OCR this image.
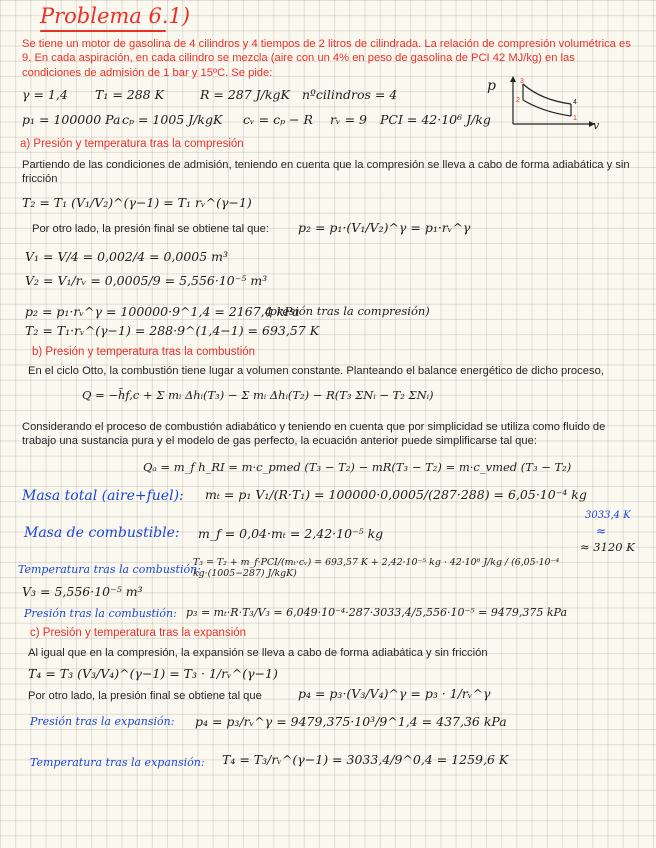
Problema 6.1)
Se tiene un motor de gasolina de 4 cilindros y 4 tiempos de 2 litros de cilindrada. La relación de compresión volumétrica es 9. En cada aspiración, en cada cilindro se mezcla (aire con un 4% en peso de gasolina de PCI 42 MJ/kg) en las condiciones de admisión de 1 bar y 15ºC. Se pide:
γ = 1,4 T₁ = 288 K	R = 287 J/kgK nºcilindros = 4
p₁ = 100000 Pa cₚ = 1005 J/kgK cᵥ = cₚ − R rᵥ = 9 PCI = 42·10⁶ J/kg
p
v
3
2
1
4
a) Presión y temperatura tras la compresión
Partiendo de las condiciones de admisión, teniendo en cuenta que la compresión se lleva a cabo de forma adiabática y sin fricción
T₂ = T₁ (V₁/V₂)^(γ−1) = T₁ rᵥ^(γ−1)
Por otro lado, la presión final se obtiene tal que: p₂ = p₁·(V₁/V₂)^γ = p₁·rᵥ^γ
V₁ = V/4 = 0,002/4 = 0,0005 m³
V₂ = V₁/rᵥ = 0,0005/9 = 5,556·10⁻⁵ m³
p₂ = p₁·rᵥ^γ = 100000·9^1,4 = 2167,4 kPa
(presión tras la compresión)
T₂ = T₁·rᵥ^(γ−1) = 288·9^(1,4−1) = 693,57 K
b) Presión y temperatura tras la combustión
En el ciclo Otto, la combustión tiene lugar a volumen constante. Planteando el balance energético de dicho proceso,
Q = −h̄f,c + Σ mᵢ Δhᵢ(T₃) − Σ mᵢ Δhᵢ(T₂) − R(T₃ ΣNᵢ − T₂ ΣNᵢ)
Considerando el proceso de combustión adiabático y teniendo en cuenta que por simplicidad se utiliza como fluido de trabajo una sustancia pura y el modelo de gas perfecto, la ecuación anterior puede simplificarse tal que:
Qₐ = m_f h_RI = m·c_pmed (T₃ − T₂) − mR(T₃ − T₂) = m·c_vmed (T₃ − T₂)
Masa total (aire+fuel): mₜ = p₁ V₁/(R·T₁) = 100000·0,0005/(287·288) = 6,05·10⁻⁴ kg
Masa de combustible: m_f = 0,04·mₜ = 2,42·10⁻⁵ kg
3033,4 K
≈
≈ 3120 K
Temperatura tras la combustión:
T₃ = T₂ + m_f·PCI/(mₜ·cᵥ) = 693,57 K + 2,42·10⁻⁵ kg · 42·10⁶ J/kg / (6,05·10⁻⁴ kg·(1005−287) J/kgK)
V₃ = 5,556·10⁻⁵ m³
Presión tras la combustión: p₃ = mₜ·R·T₃/V₃ = 6,049·10⁻⁴·287·3033,4/5,556·10⁻⁵ = 9479,375 kPa
c) Presión y temperatura tras la expansión
Al igual que en la compresión, la expansión se lleva a cabo de forma adiabática y sin fricción
T₄ = T₃ (V₃/V₄)^(γ−1) = T₃ · 1/rᵥ^(γ−1)
Por otro lado, la presión final se obtiene tal que	p₄ = p₃·(V₃/V₄)^γ = p₃ · 1/rᵥ^γ
Presión tras la expansión: p₄ = p₃/rᵥ^γ = 9479,375·10³/9^1,4 = 437,36 kPa
Temperatura tras la expansión: T₄ = T₃/rᵥ^(γ−1) = 3033,4/9^0,4 = 1259,6 K
